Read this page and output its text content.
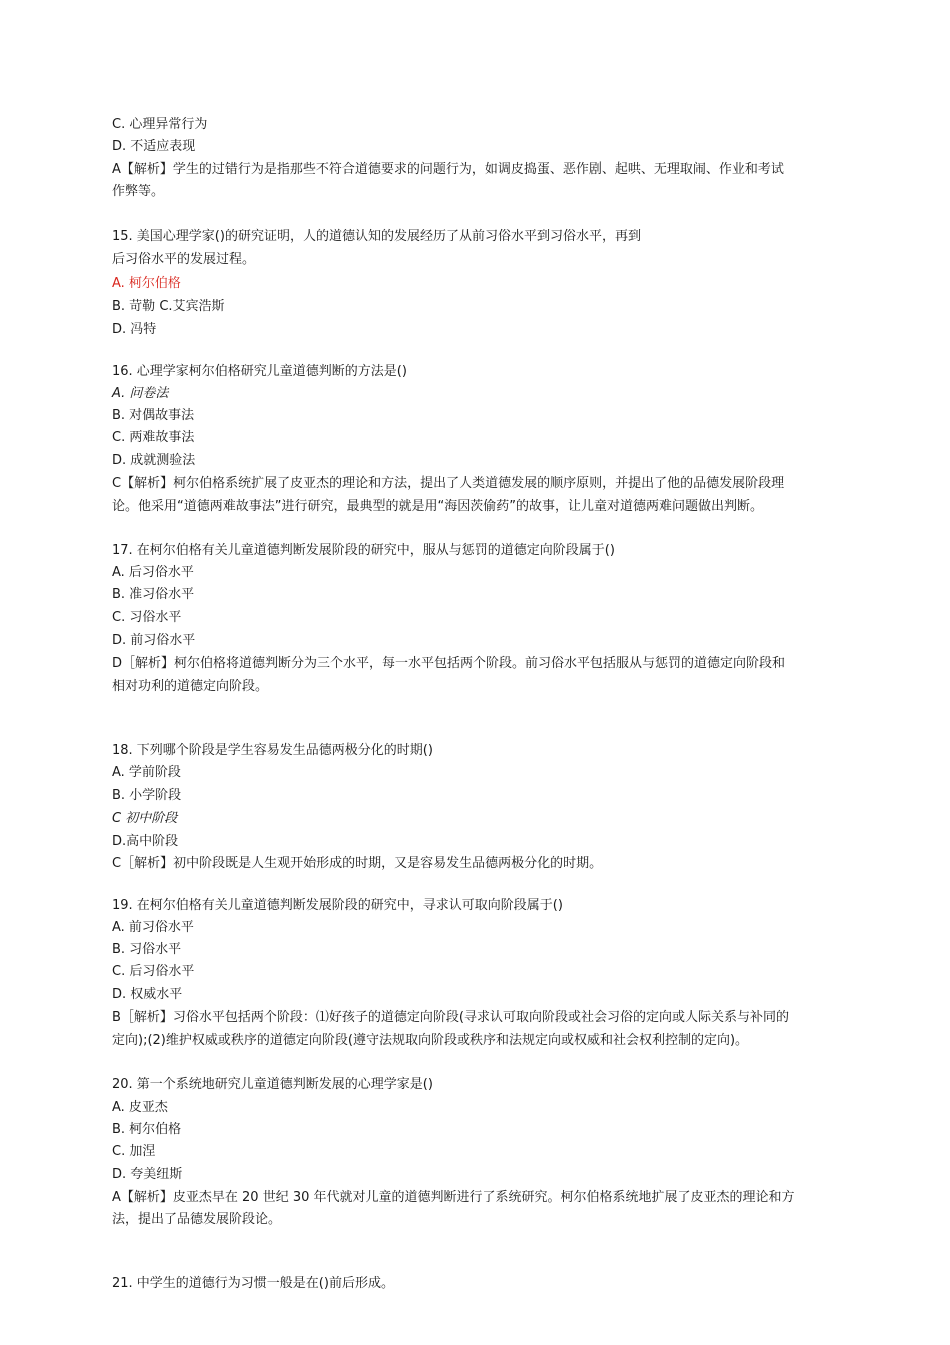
C. 心理异常行为
D. 不适应表现
A【解析】学生的过错行为是指那些不符合道德要求的问题行为，如调皮捣蛋、恶作剧、起哄、无理取闹、作业和考试
作弊等。
15. 美国心理学家()的研究证明，人的道德认知的发展经历了从前习俗水平到习俗水平，再到
后习俗水平的发展过程。
A. 柯尔伯格
B. 苛勒 C.艾宾浩斯
D. 冯特
16. 心理学家柯尔伯格研究儿童道德判断的方法是()
A. 问卷法
B. 对偶故事法
C. 两难故事法
D. 成就测验法
C【解析】柯尔伯格系统扩展了皮亚杰的理论和方法，提出了人类道德发展的顺序原则，并提出了他的品德发展阶段理
论。他采用“道德两难故事法”进行研究，最典型的就是用“海因茨偷药”的故事，让儿童对道德两难问题做出判断。
17. 在柯尔伯格有关儿童道德判断发展阶段的研究中，服从与惩罚的道德定向阶段属于()
A. 后习俗水平
B. 准习俗水平
C. 习俗水平
D. 前习俗水平
D［解析】柯尔伯格将道德判断分为三个水平，每一水平包括两个阶段。前习俗水平包括服从与惩罚的道德定向阶段和
相对功利的道德定向阶段。
18. 下列哪个阶段是学生容易发生品德两极分化的时期()
A. 学前阶段
B. 小学阶段
C 初中阶段
D.高中阶段
C［解析】初中阶段既是人生观开始形成的时期，又是容易发生品德两极分化的时期。
19. 在柯尔伯格有关儿童道德判断发展阶段的研究中，寻求认可取向阶段属于()
A. 前习俗水平
B. 习俗水平
C. 后习俗水平
D. 权威水平
B［解析】习俗水平包括两个阶段：⑴好孩子的道德定向阶段(寻求认可取向阶段或社会习俗的定向或人际关系与补同的
定向);(2)维护权威或秩序的道德定向阶段(遵守法规取向阶段或秩序和法规定向或权威和社会权利控制的定向)。
20. 第一个系统地研究儿童道德判断发展的心理学家是()
A. 皮亚杰
B. 柯尔伯格
C. 加涅
D. 夸美纽斯
A【解析】皮亚杰早在 20 世纪 30 年代就对儿童的道德判断进行了系统研究。柯尔伯格系统地扩展了皮亚杰的理论和方
法，提出了品德发展阶段论。
21. 中学生的道德行为习惯一般是在()前后形成。
